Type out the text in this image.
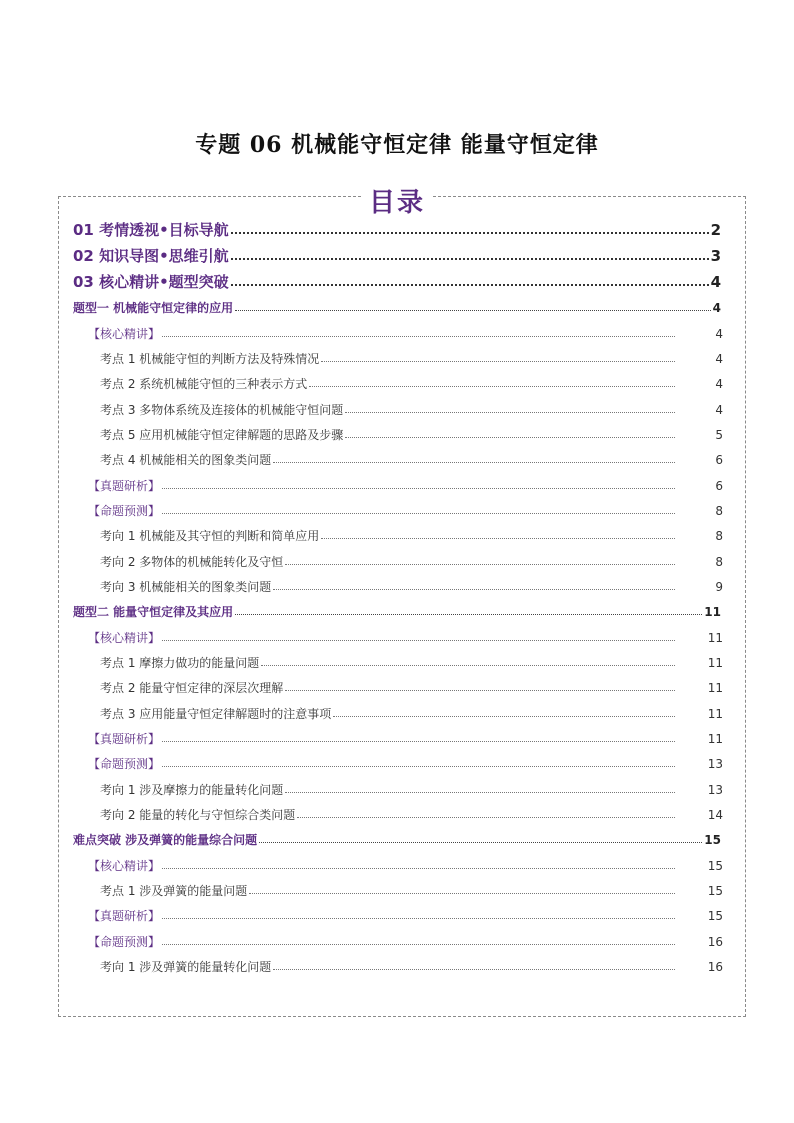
专题 06 机械能守恒定律 能量守恒定律
目录
01 考情透视•目标导航	2
02 知识导图•思维引航	3
03 核心精讲•题型突破	4
题型一 机械能守恒定律的应用	4
【核心精讲】	4
考点 1 机械能守恒的判断方法及特殊情况	4
考点 2 系统机械能守恒的三种表示方式	4
考点 3 多物体系统及连接体的机械能守恒问题	4
考点 5 应用机械能守恒定律解题的思路及步骤	5
考点 4 机械能相关的图象类问题	6
【真题研析】	6
【命题预测】	8
考向 1 机械能及其守恒的判断和简单应用	8
考向 2 多物体的机械能转化及守恒	8
考向 3 机械能相关的图象类问题	9
题型二 能量守恒定律及其应用	11
【核心精讲】	11
考点 1 摩擦力做功的能量问题	11
考点 2 能量守恒定律的深层次理解	11
考点 3 应用能量守恒定律解题时的注意事项	11
【真题研析】	11
【命题预测】	13
考向 1 涉及摩擦力的能量转化问题	13
考向 2 能量的转化与守恒综合类问题	14
难点突破 涉及弹簧的能量综合问题	15
【核心精讲】	15
考点 1 涉及弹簧的能量问题	15
【真题研析】	15
【命题预测】	16
考向 1 涉及弹簧的能量转化问题	16
